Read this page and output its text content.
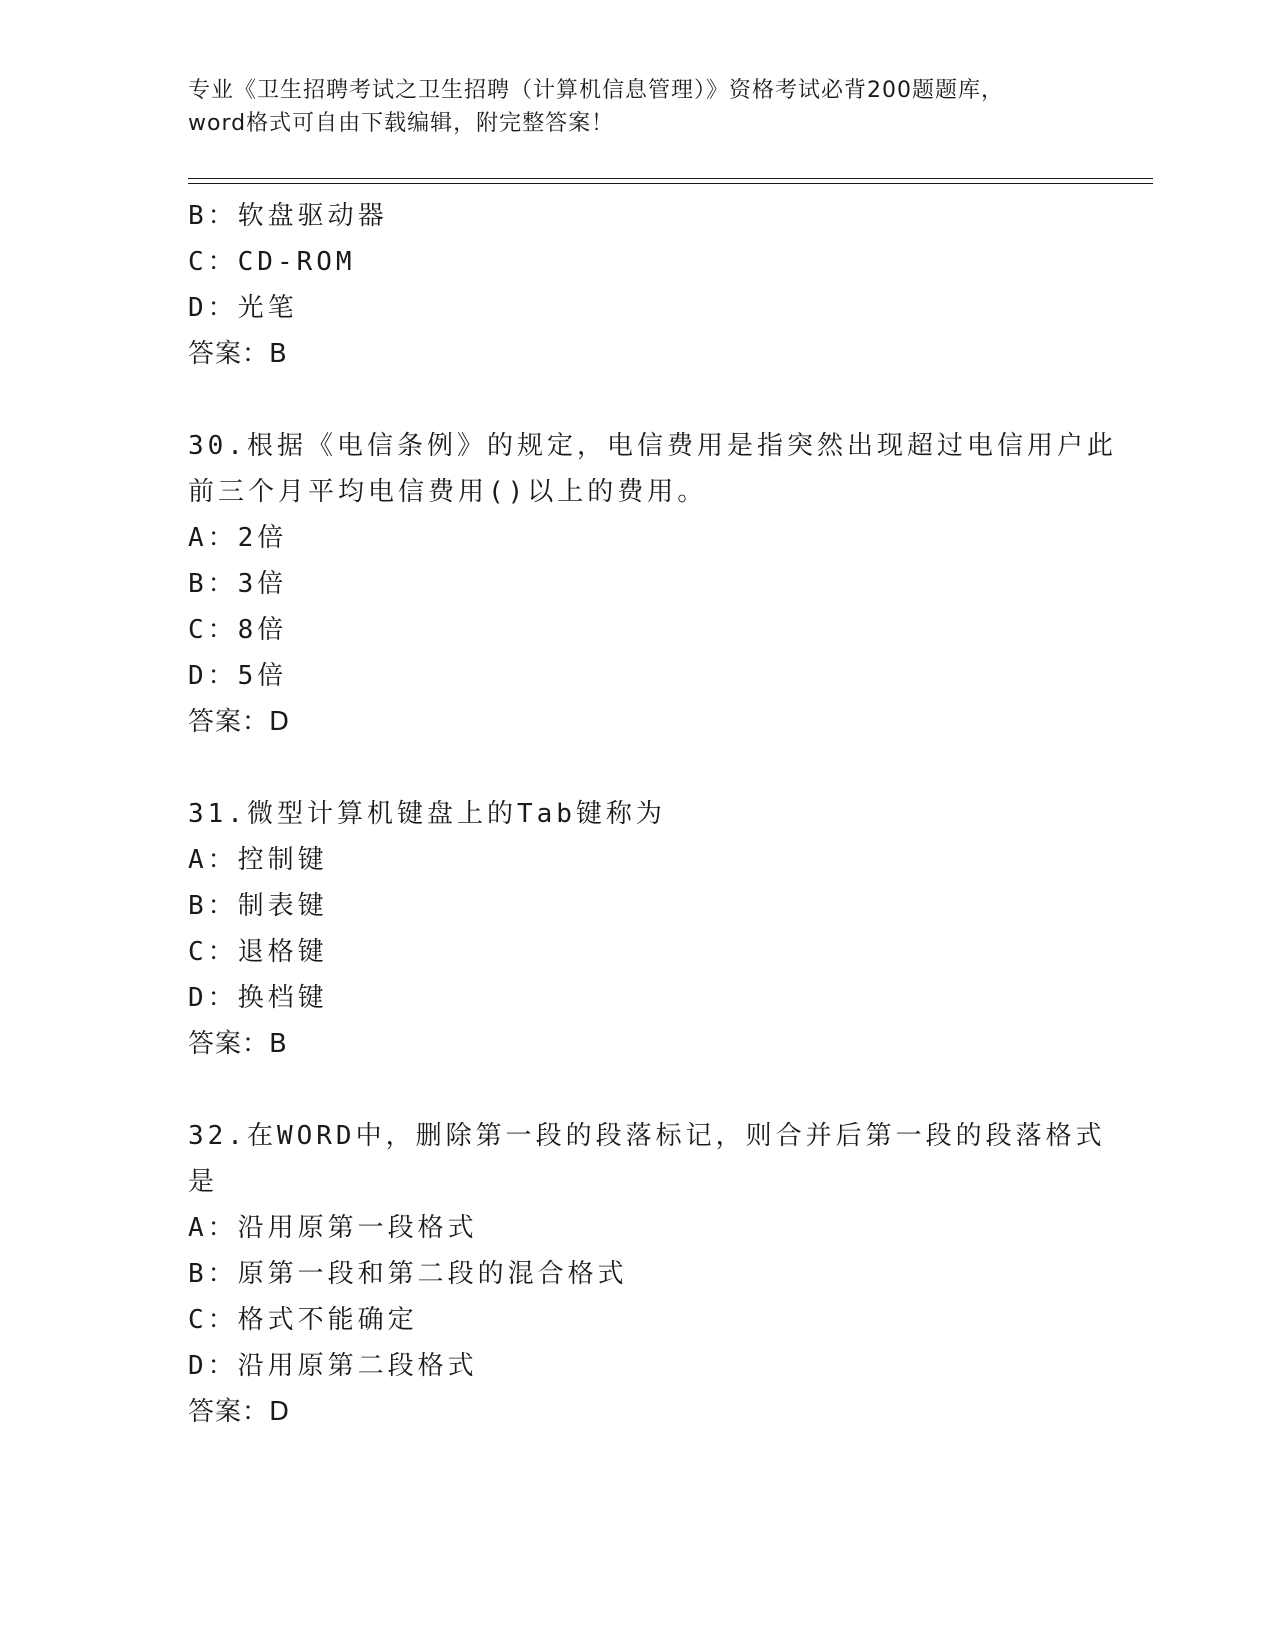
专业《卫生招聘考试之卫生招聘（计算机信息管理）》资格考试必背200题题库，
word格式可自由下载编辑，附完整答案！
B：软盘驱动器
C：CD-ROM
D：光笔
答案：B
30.根据《电信条例》的规定，电信费用是指突然出现超过电信用户此
前三个月平均电信费用()以上的费用。
A：2倍
B：3倍
C：8倍
D：5倍
答案：D
31.微型计算机键盘上的Tab键称为
A：控制键
B：制表键
C：退格键
D：换档键
答案：B
32.在WORD中，删除第一段的段落标记，则合并后第一段的段落格式
是
A：沿用原第一段格式
B：原第一段和第二段的混合格式
C：格式不能确定
D：沿用原第二段格式
答案：D
